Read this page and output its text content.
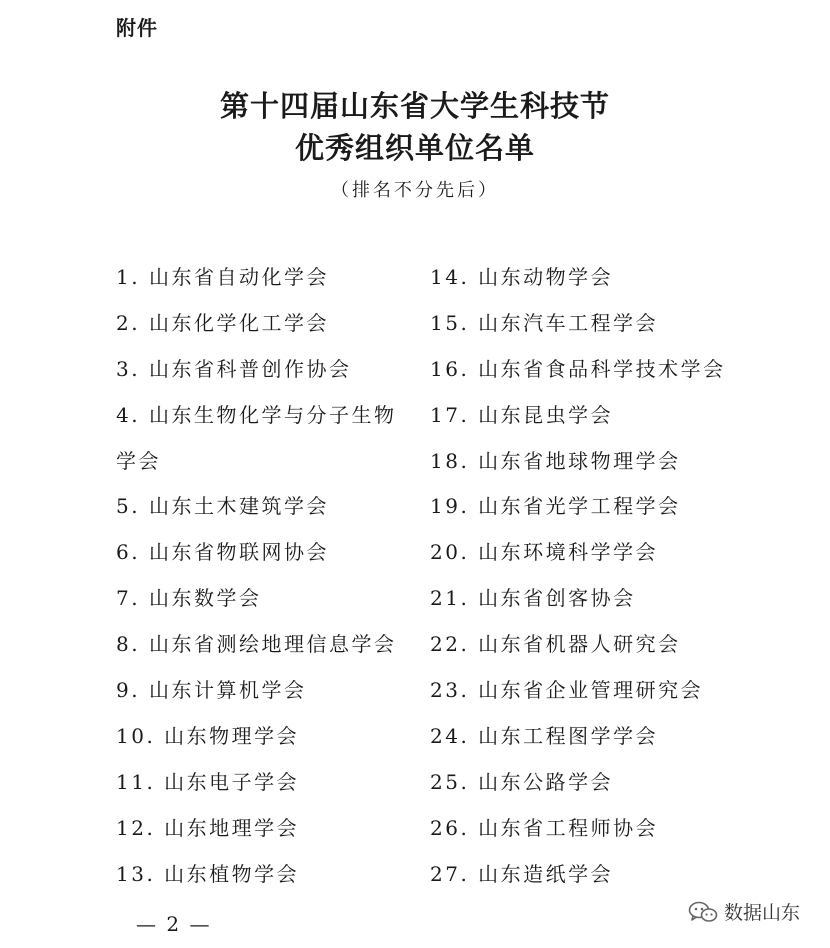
附件
第十四届山东省大学生科技节
优秀组织单位名单
（排名不分先后）
1. 山东省自动化学会
2. 山东化学化工学会
3. 山东省科普创作协会
4. 山东生物化学与分子生物
学会
5. 山东土木建筑学会
6. 山东省物联网协会
7. 山东数学会
8. 山东省测绘地理信息学会
9. 山东计算机学会
10. 山东物理学会
11. 山东电子学会
12. 山东地理学会
13. 山东植物学会
14. 山东动物学会
15. 山东汽车工程学会
16. 山东省食品科学技术学会
17. 山东昆虫学会
18. 山东省地球物理学会
19. 山东省光学工程学会
20. 山东环境科学学会
21. 山东省创客协会
22. 山东省机器人研究会
23. 山东省企业管理研究会
24. 山东工程图学学会
25. 山东公路学会
26. 山东省工程师协会
27. 山东造纸学会
— 2 —	数据山东
